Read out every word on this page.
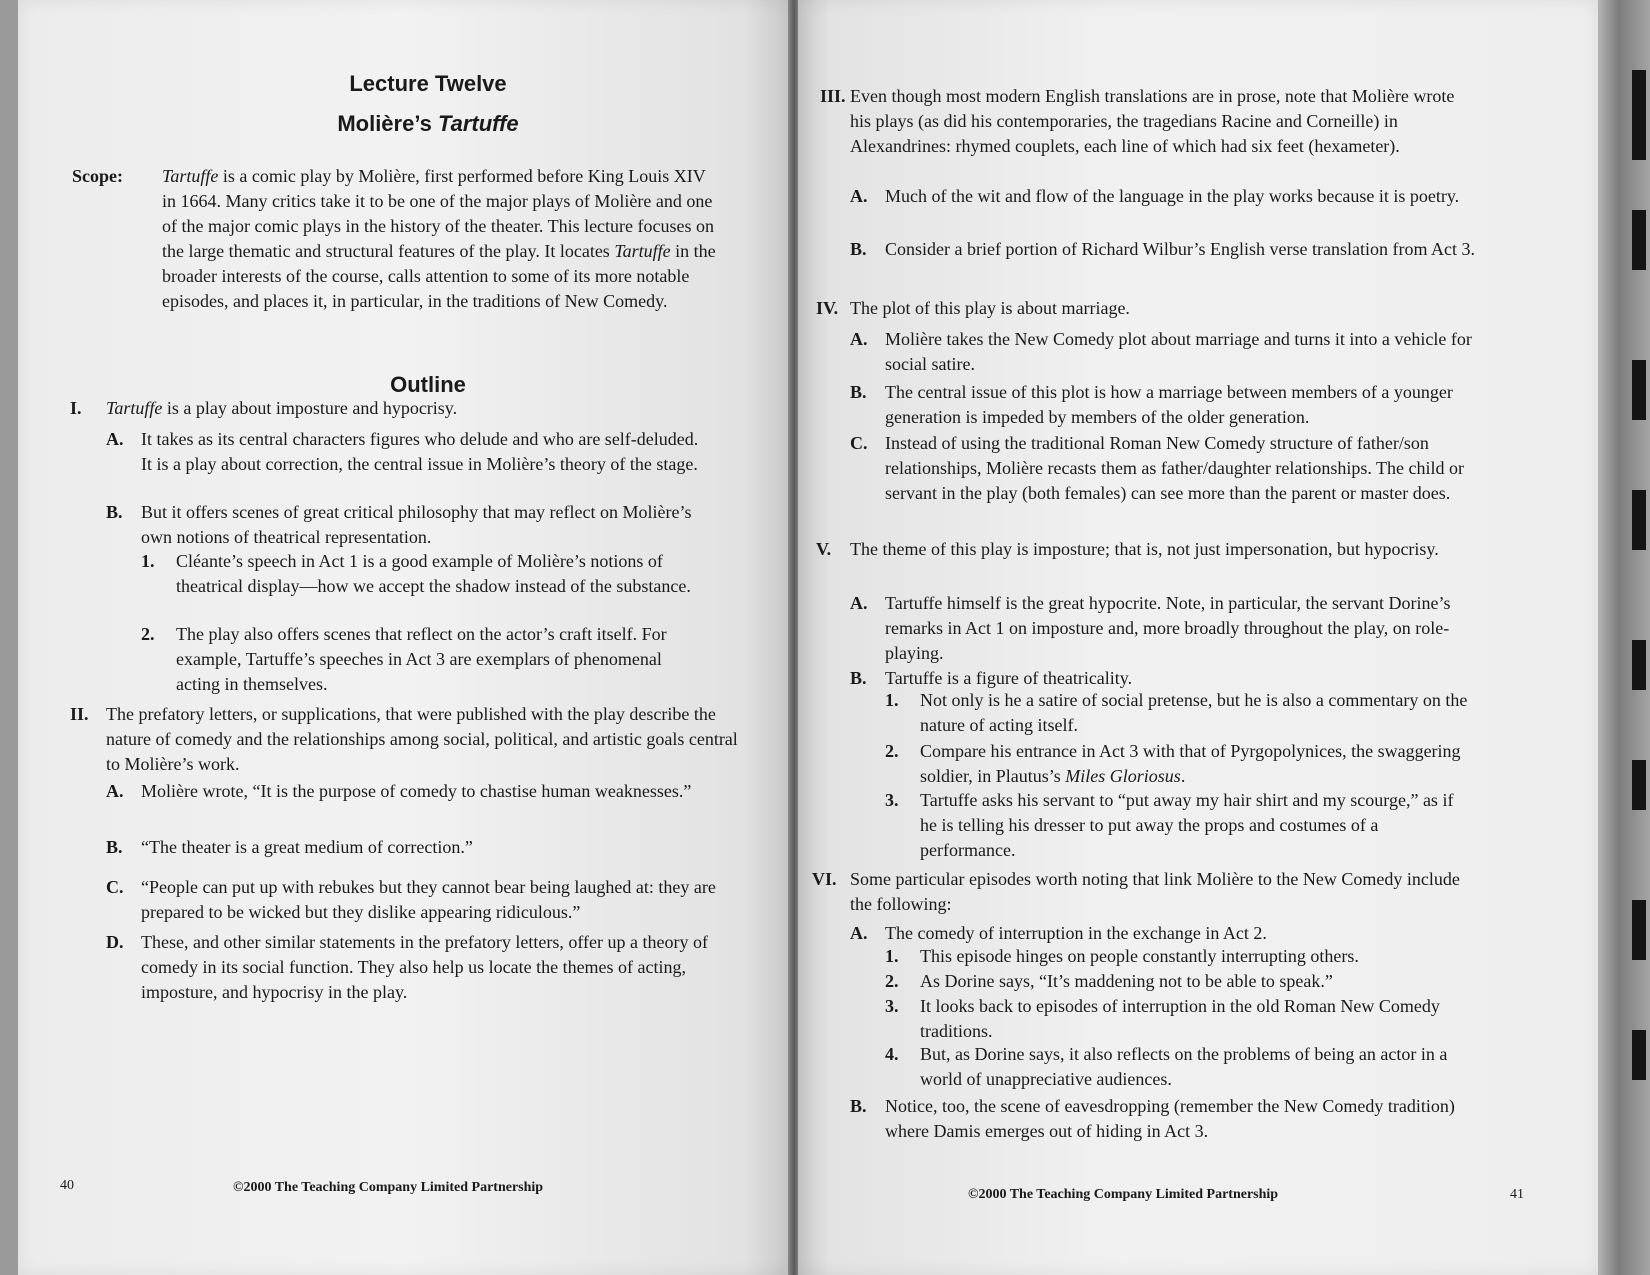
Lecture Twelve
Molière’s Tartuffe
Scope: Tartuffe is a comic play by Molière, first performed before King Louis XIV in 1664. Many critics take it to be one of the major plays of Molière and one of the major comic plays in the history of the theater. This lecture focuses on the large thematic and structural features of the play. It locates Tartuffe in the broader interests of the course, calls attention to some of its more notable episodes, and places it, in particular, in the traditions of New Comedy.

Outline
I. Tartuffe is a play about imposture and hypocrisy.

A. It takes as its central characters figures who delude and who are self-deluded. It is a play about correction, the central issue in Molière’s theory of the stage.

B. But it offers scenes of great critical philosophy that may reflect on Molière’s own notions of theatrical representation.

1. Cléante’s speech in Act 1 is a good example of Molière’s notions of theatrical display—how we accept the shadow instead of the substance.

2. The play also offers scenes that reflect on the actor’s craft itself. For example, Tartuffe’s speeches in Act 3 are exemplars of phenomenal acting in themselves.

II. The prefatory letters, or supplications, that were published with the play describe the nature of comedy and the relationships among social, political, and artistic goals central to Molière’s work.

A. Molière wrote, “It is the purpose of comedy to chastise human weaknesses.”

B. “The theater is a great medium of correction.”

C. “People can put up with rebukes but they cannot bear being laughed at: they are prepared to be wicked but they dislike appearing ridiculous.”

D. These, and other similar statements in the prefatory letters, offer up a theory of comedy in its social function. They also help us locate the themes of acting, imposture, and hypocrisy in the play.

40	©2000 The Teaching Company Limited Partnership
III. Even though most modern English translations are in prose, note that Molière wrote his plays (as did his contemporaries, the tragedians Racine and Corneille) in Alexandrines: rhymed couplets, each line of which had six feet (hexameter).

A. Much of the wit and flow of the language in the play works because it is poetry.

B. Consider a brief portion of Richard Wilbur’s English verse translation from Act 3.

IV. The plot of this play is about marriage.

A. Molière takes the New Comedy plot about marriage and turns it into a vehicle for social satire.

B. The central issue of this plot is how a marriage between members of a younger generation is impeded by members of the older generation.

C. Instead of using the traditional Roman New Comedy structure of father/son relationships, Molière recasts them as father/daughter relationships. The child or servant in the play (both females) can see more than the parent or master does.

V. The theme of this play is imposture; that is, not just impersonation, but hypocrisy.

A. Tartuffe himself is the great hypocrite. Note, in particular, the servant Dorine’s remarks in Act 1 on imposture and, more broadly throughout the play, on role-playing.

B. Tartuffe is a figure of theatricality.

1. Not only is he a satire of social pretense, but he is also a commentary on the nature of acting itself.

2. Compare his entrance in Act 3 with that of Pyrgopolynices, the swaggering soldier, in Plautus’s Miles Gloriosus.

3. Tartuffe asks his servant to “put away my hair shirt and my scourge,” as if he is telling his dresser to put away the props and costumes of a performance.

VI. Some particular episodes worth noting that link Molière to the New Comedy include the following:

A. The comedy of interruption in the exchange in Act 2.

1. This episode hinges on people constantly interrupting others.

2. As Dorine says, “It’s maddening not to be able to speak.”

3. It looks back to episodes of interruption in the old Roman New Comedy traditions.

4. But, as Dorine says, it also reflects on the problems of being an actor in a world of unappreciative audiences.

B. Notice, too, the scene of eavesdropping (remember the New Comedy tradition) where Damis emerges out of hiding in Act 3.

©2000 The Teaching Company Limited Partnership	41
